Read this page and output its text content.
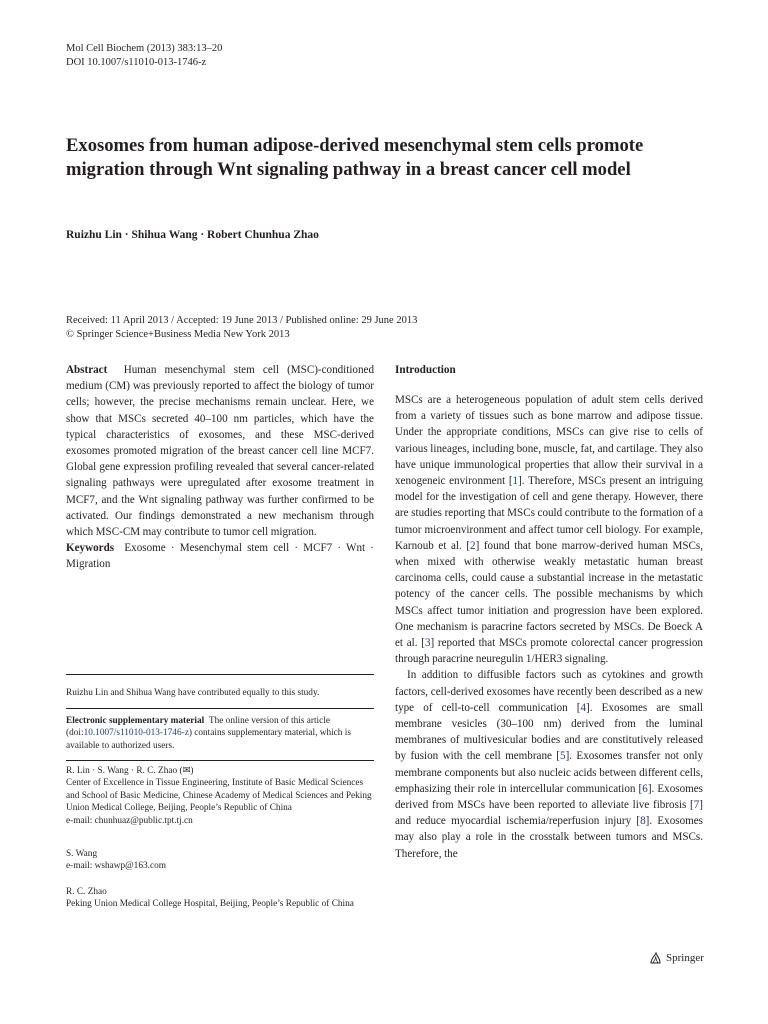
Mol Cell Biochem (2013) 383:13–20
DOI 10.1007/s11010-013-1746-z
Exosomes from human adipose-derived mesenchymal stem cells promote migration through Wnt signaling pathway in a breast cancer cell model
Ruizhu Lin · Shihua Wang · Robert Chunhua Zhao
Received: 11 April 2013 / Accepted: 19 June 2013 / Published online: 29 June 2013
© Springer Science+Business Media New York 2013

Abstract Human mesenchymal stem cell (MSC)-conditioned medium (CM) was previously reported to affect the biology of tumor cells; however, the precise mechanisms remain unclear. Here, we show that MSCs secreted 40–100 nm particles, which have the typical characteristics of exosomes, and these MSC-derived exosomes promoted migration of the breast cancer cell line MCF7. Global gene expression profiling revealed that several cancer-related signaling pathways were upregulated after exosome treatment in MCF7, and the Wnt signaling pathway was further confirmed to be activated. Our findings demonstrated a new mechanism through which MSC-CM may contribute to tumor cell migration.

Keywords Exosome · Mesenchymal stem cell · MCF7 · Wnt · Migration

Ruizhu Lin and Shihua Wang have contributed equally to this study.

Electronic supplementary material The online version of this article (doi:10.1007/s11010-013-1746-z) contains supplementary material, which is available to authorized users.

R. Lin · S. Wang · R. C. Zhao (✉)

Center of Excellence in Tissue Engineering, Institute of Basic Medical Sciences and School of Basic Medicine, Chinese Academy of Medical Sciences and Peking Union Medical College, Beijing, People’s Republic of China

e-mail: chunhuaz@public.tpt.tj.cn

S. Wang

e-mail: wshawp@163.com

R. C. Zhao

Peking Union Medical College Hospital, Beijing, People’s Republic of China

Introduction

MSCs are a heterogeneous population of adult stem cells derived from a variety of tissues such as bone marrow and adipose tissue. Under the appropriate conditions, MSCs can give rise to cells of various lineages, including bone, muscle, fat, and cartilage. They also have unique immunological properties that allow their survival in a xenogeneic environment [1]. Therefore, MSCs present an intriguing model for the investigation of cell and gene therapy. However, there are studies reporting that MSCs could contribute to the formation of a tumor microenvironment and affect tumor cell biology. For example, Karnoub et al. [2] found that bone marrow-derived human MSCs, when mixed with otherwise weakly metastatic human breast carcinoma cells, could cause a substantial increase in the metastatic potency of the cancer cells. The possible mechanisms by which MSCs affect tumor initiation and progression have been explored. One mechanism is paracrine factors secreted by MSCs. De Boeck A et al. [3] reported that MSCs promote colorectal cancer progression through paracrine neuregulin 1/HER3 signaling.

In addition to diffusible factors such as cytokines and growth factors, cell-derived exosomes have recently been described as a new type of cell-to-cell communication [4]. Exosomes are small membrane vesicles (30–100 nm) derived from the luminal membranes of multivesicular bodies and are constitutively released by fusion with the cell membrane [5]. Exosomes transfer not only membrane components but also nucleic acids between different cells, emphasizing their role in intercellular communication [6]. Exosomes derived from MSCs have been reported to alleviate live fibrosis [7] and reduce myocardial ischemia/reperfusion injury [8]. Exosomes may also play a role in the crosstalk between tumors and MSCs. Therefore, the

Springer
